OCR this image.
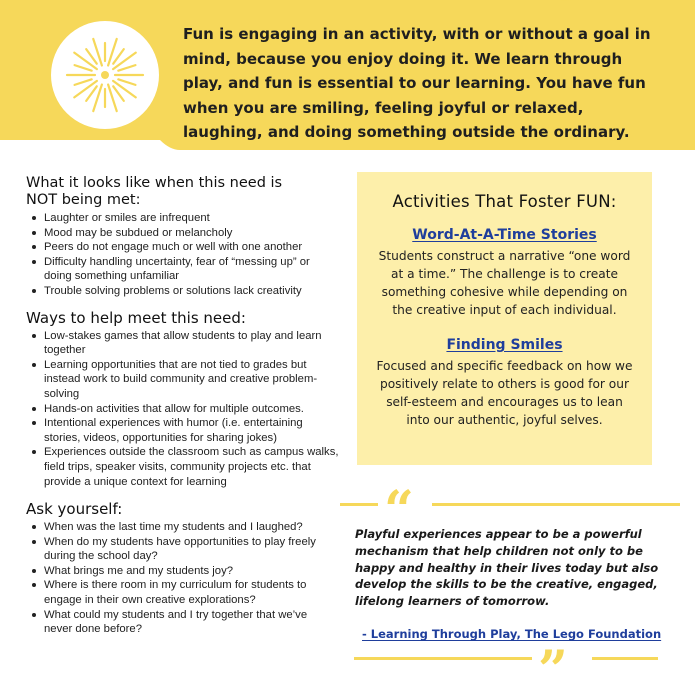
Fun is engaging in an activity, with or without a goal in mind, because you enjoy doing it. We learn through play, and fun is essential to our learning. You have fun when you are smiling, feeling joyful or relaxed, laughing, and doing something outside the ordinary.
What it looks like when this need is
NOT being met:
Laughter or smiles are infrequent
Mood may be subdued or melancholy
Peers do not engage much or well with one another
Difficulty handling uncertainty, fear of “messing up” or doing something unfamiliar
Trouble solving problems or solutions lack creativity
Ways to help meet this need:
Low-stakes games that allow students to play and learn together
Learning opportunities that are not tied to grades but instead work to build community and creative problem-solving
Hands-on activities that allow for multiple outcomes.
Intentional experiences with humor (i.e. entertaining stories, videos, opportunities for sharing jokes)
Experiences outside the classroom such as campus walks, field trips, speaker visits, community projects etc. that provide a unique context for learning
Ask yourself:
When was the last time my students and I laughed?
When do my students have opportunities to play freely during the school day?
What brings me and my students joy?
Where is there room in my curriculum for students to engage in their own creative explorations?
What could my students and I try together that we’ve never done before?
Activities That Foster FUN:
Word-At-A-Time Stories
Students construct a narrative “one word at a time.” The challenge is to create something cohesive while depending on the creative input of each individual.
Finding Smiles
Focused and specific feedback on how we positively relate to others is good for our self-esteem and encourages us to lean into our authentic, joyful selves.
“
Playful experiences appear to be a powerful mechanism that help children not only to be happy and healthy in their lives today but also develop the skills to be the creative, engaged, lifelong learners of tomorrow.
- Learning Through Play, The Lego Foundation
”
